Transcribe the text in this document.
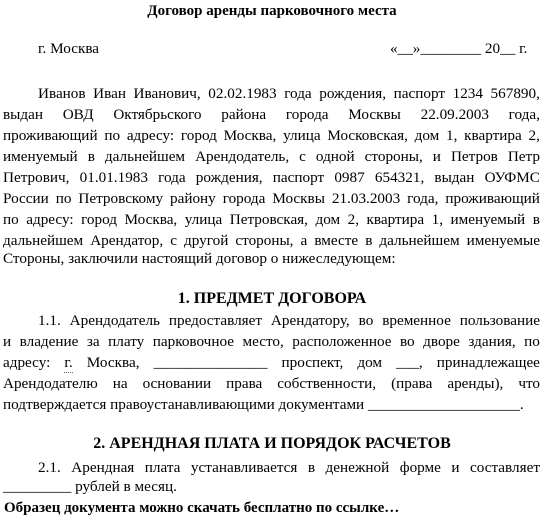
Договор аренды парковочного места
г. Москва	«__»________ 20__ г.
Иванов Иван Иванович, 02.02.1983 года рождения, паспорт 1234 567890,
выдан ОВД Октябрьского района города Москвы 22.09.2003 года,
проживающий по адресу: город Москва, улица Московская, дом 1, квартира 2,
именуемый в дальнейшем Арендодатель, с одной стороны, и Петров Петр
Петрович, 01.01.1983 года рождения, паспорт 0987 654321, выдан ОУФМС
России по Петровскому району города Москвы 21.03.2003 года, проживающий
по адресу: город Москва, улица Петровская, дом 2, квартира 1, именуемый в
дальнейшем Арендатор, с другой стороны, а вместе в дальнейшем именуемые
Стороны, заключили настоящий договор о нижеследующем:
1. ПРЕДМЕТ ДОГОВОРА
1.1. Арендодатель предоставляет Арендатору, во временное пользование
и владение за плату парковочное место, расположенное во дворе здания, по
адресу: г. Москва, _______________ проспект, дом ___, принадлежащее
Арендодателю на основании права собственности, (права аренды), что
подтверждается правоустанавливающими документами ____________________.
2. АРЕНДНАЯ ПЛАТА И ПОРЯДОК РАСЧЕТОВ
2.1. Арендная плата устанавливается в денежной форме и составляет
_________ рублей в месяц.
Образец документа можно скачать бесплатно по ссылке…
